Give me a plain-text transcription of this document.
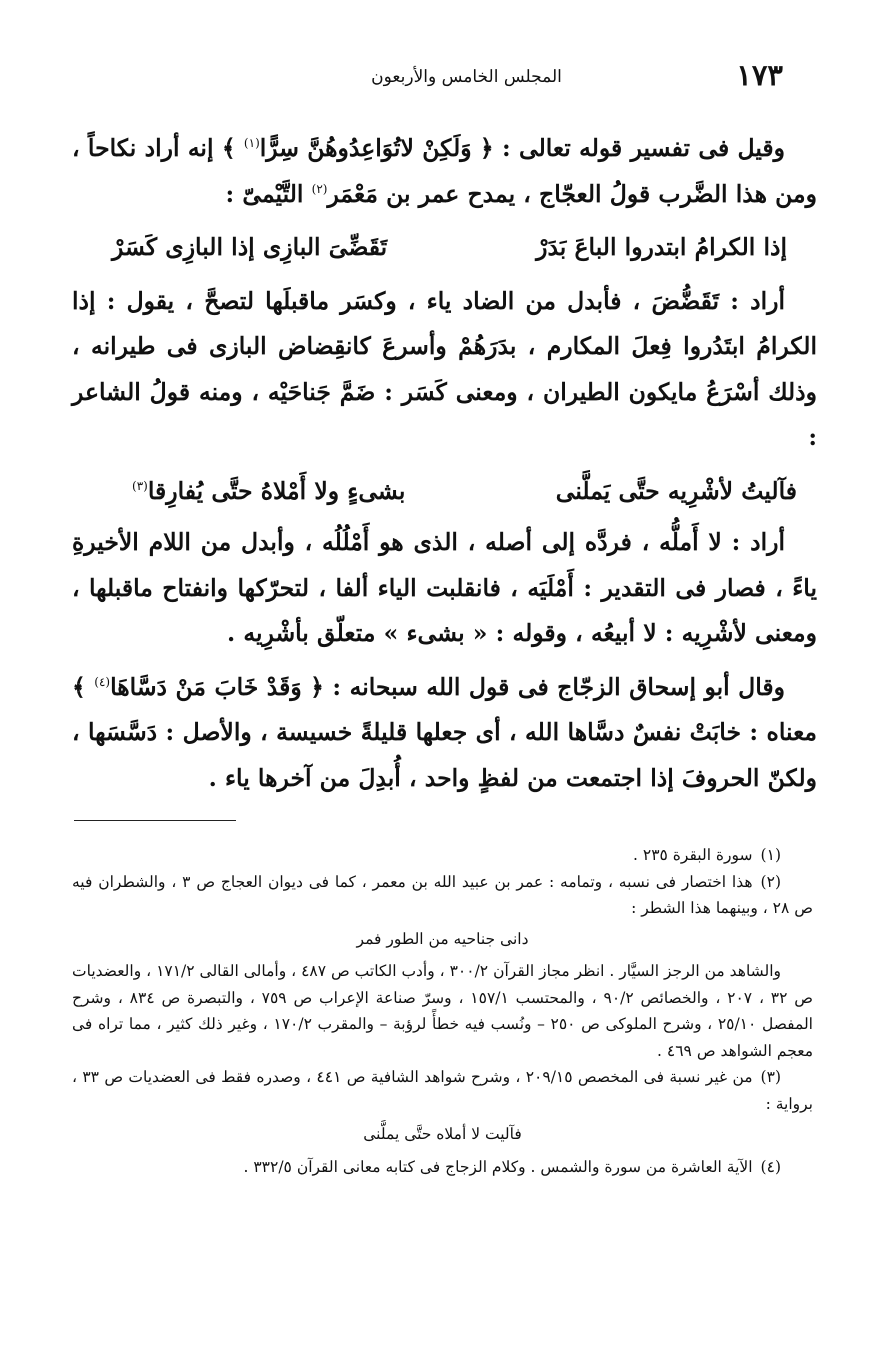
١٧٣
المجلس الخامس والأربعون

وقيل فى تفسير قوله تعالى : ﴿ وَلَكِنْ لاتُوَاعِدُوهُنَّ سِرًّا$^{(١)}$ ﴾ إنه أراد نكاحاً ، ومن هذا الضَّرب قولُ العجّاج ، يمدح عمر بن مَعْمَر$^{(٢)}$ التَّيْمىّ :

إذا الكرامُ ابتدروا الباعَ بَدَرْ
تَقَضِّىَ البازِى إذا البازِى كَسَرْ

أراد : تَقَضُّضَ ، فأبدل من الضاد ياء ، وكسَر ماقبلَها لتصحَّ ، يقول : إذا الكرامُ ابتَدُروا فِعلَ المكارم ، بدَرَهُمْ وأسرعَ كانقِضاض البازى فى طيرانه ، وذلك أسْرَعُ مايكون الطيران ، ومعنى كَسَر : ضَمَّ جَناحَيْه ، ومنه قولُ الشاعر :

فآليتُ لأشْرِيه حتَّى يَملَّنى
بشىءٍ ولا أَمْلاهُ حتَّى يُفارِقا$^{(٣)}$

أراد : لا أَملُّه ، فردَّه إلى أصله ، الذى هو أَمْلُلُه ، وأبدل من اللام الأخيرةِ ياءً ، فصار فى التقدير : أَمْلَيَه ، فانقلبت الياء ألفا ، لتحرّكها وانفتاح ماقبلها ، ومعنى لأشْرِيه : لا أبيعُه ، وقوله : « بشىء » متعلّق بأشْرِيه .

وقال أبو إسحاق الزجّاج فى قول الله سبحانه : ﴿ وَقَدْ خَابَ مَنْ دَسَّاهَا$^{(٤)}$ ﴾ معناه : خابَتْ نفسٌ دسَّاها الله ، أى جعلها قليلةً خسيسة ، والأصل : دَسَّسَها ، ولكنّ الحروفَ إذا اجتمعت من لفظٍ واحد ، أُبدِلَ من آخرها ياء .

(١)سورة البقرة ٢٣٥ .

(٢)هذا اختصار فى نسبه ، وتمامه : عمر بن عبيد الله بن معمر ، كما فى ديوان العجاج ص ٣ ، والشطران فيه ص ٢٨ ، وبينهما هذا الشطر :

دانى جناحيه من الطور فمر

والشاهد من الرجز السيَّار . انظر مجاز القرآن ٣٠٠/٢ ، وأدب الكاتب ص ٤٨٧ ، وأمالى القالى ١٧١/٢ ، والعضديات ص ٣٢ ، ٢٠٧ ، والخصائص ٩٠/٢ ، والمحتسب ١٥٧/١ ، وسرّ صناعة الإعراب ص ٧٥٩ ، والتبصرة ص ٨٣٤ ، وشرح المفصل ٢٥/١٠ ، وشرح الملوكى ص ٢٥٠ – ونُسب فيه خطأً لرؤبة – والمقرب ١٧٠/٢ ، وغير ذلك كثير ، مما تراه فى معجم الشواهد ص ٤٦٩ .

(٣)من غير نسبة فى المخصص ٢٠٩/١٥ ، وشرح شواهد الشافية ص ٤٤١ ، وصدره فقط فى العضديات ص ٣٣ ، برواية :

فآليت لا أملاه حتَّى يملَّنى

(٤)الآية العاشرة من سورة والشمس . وكلام الزجاج فى كتابه معانى القرآن ٣٣٢/٥ .
